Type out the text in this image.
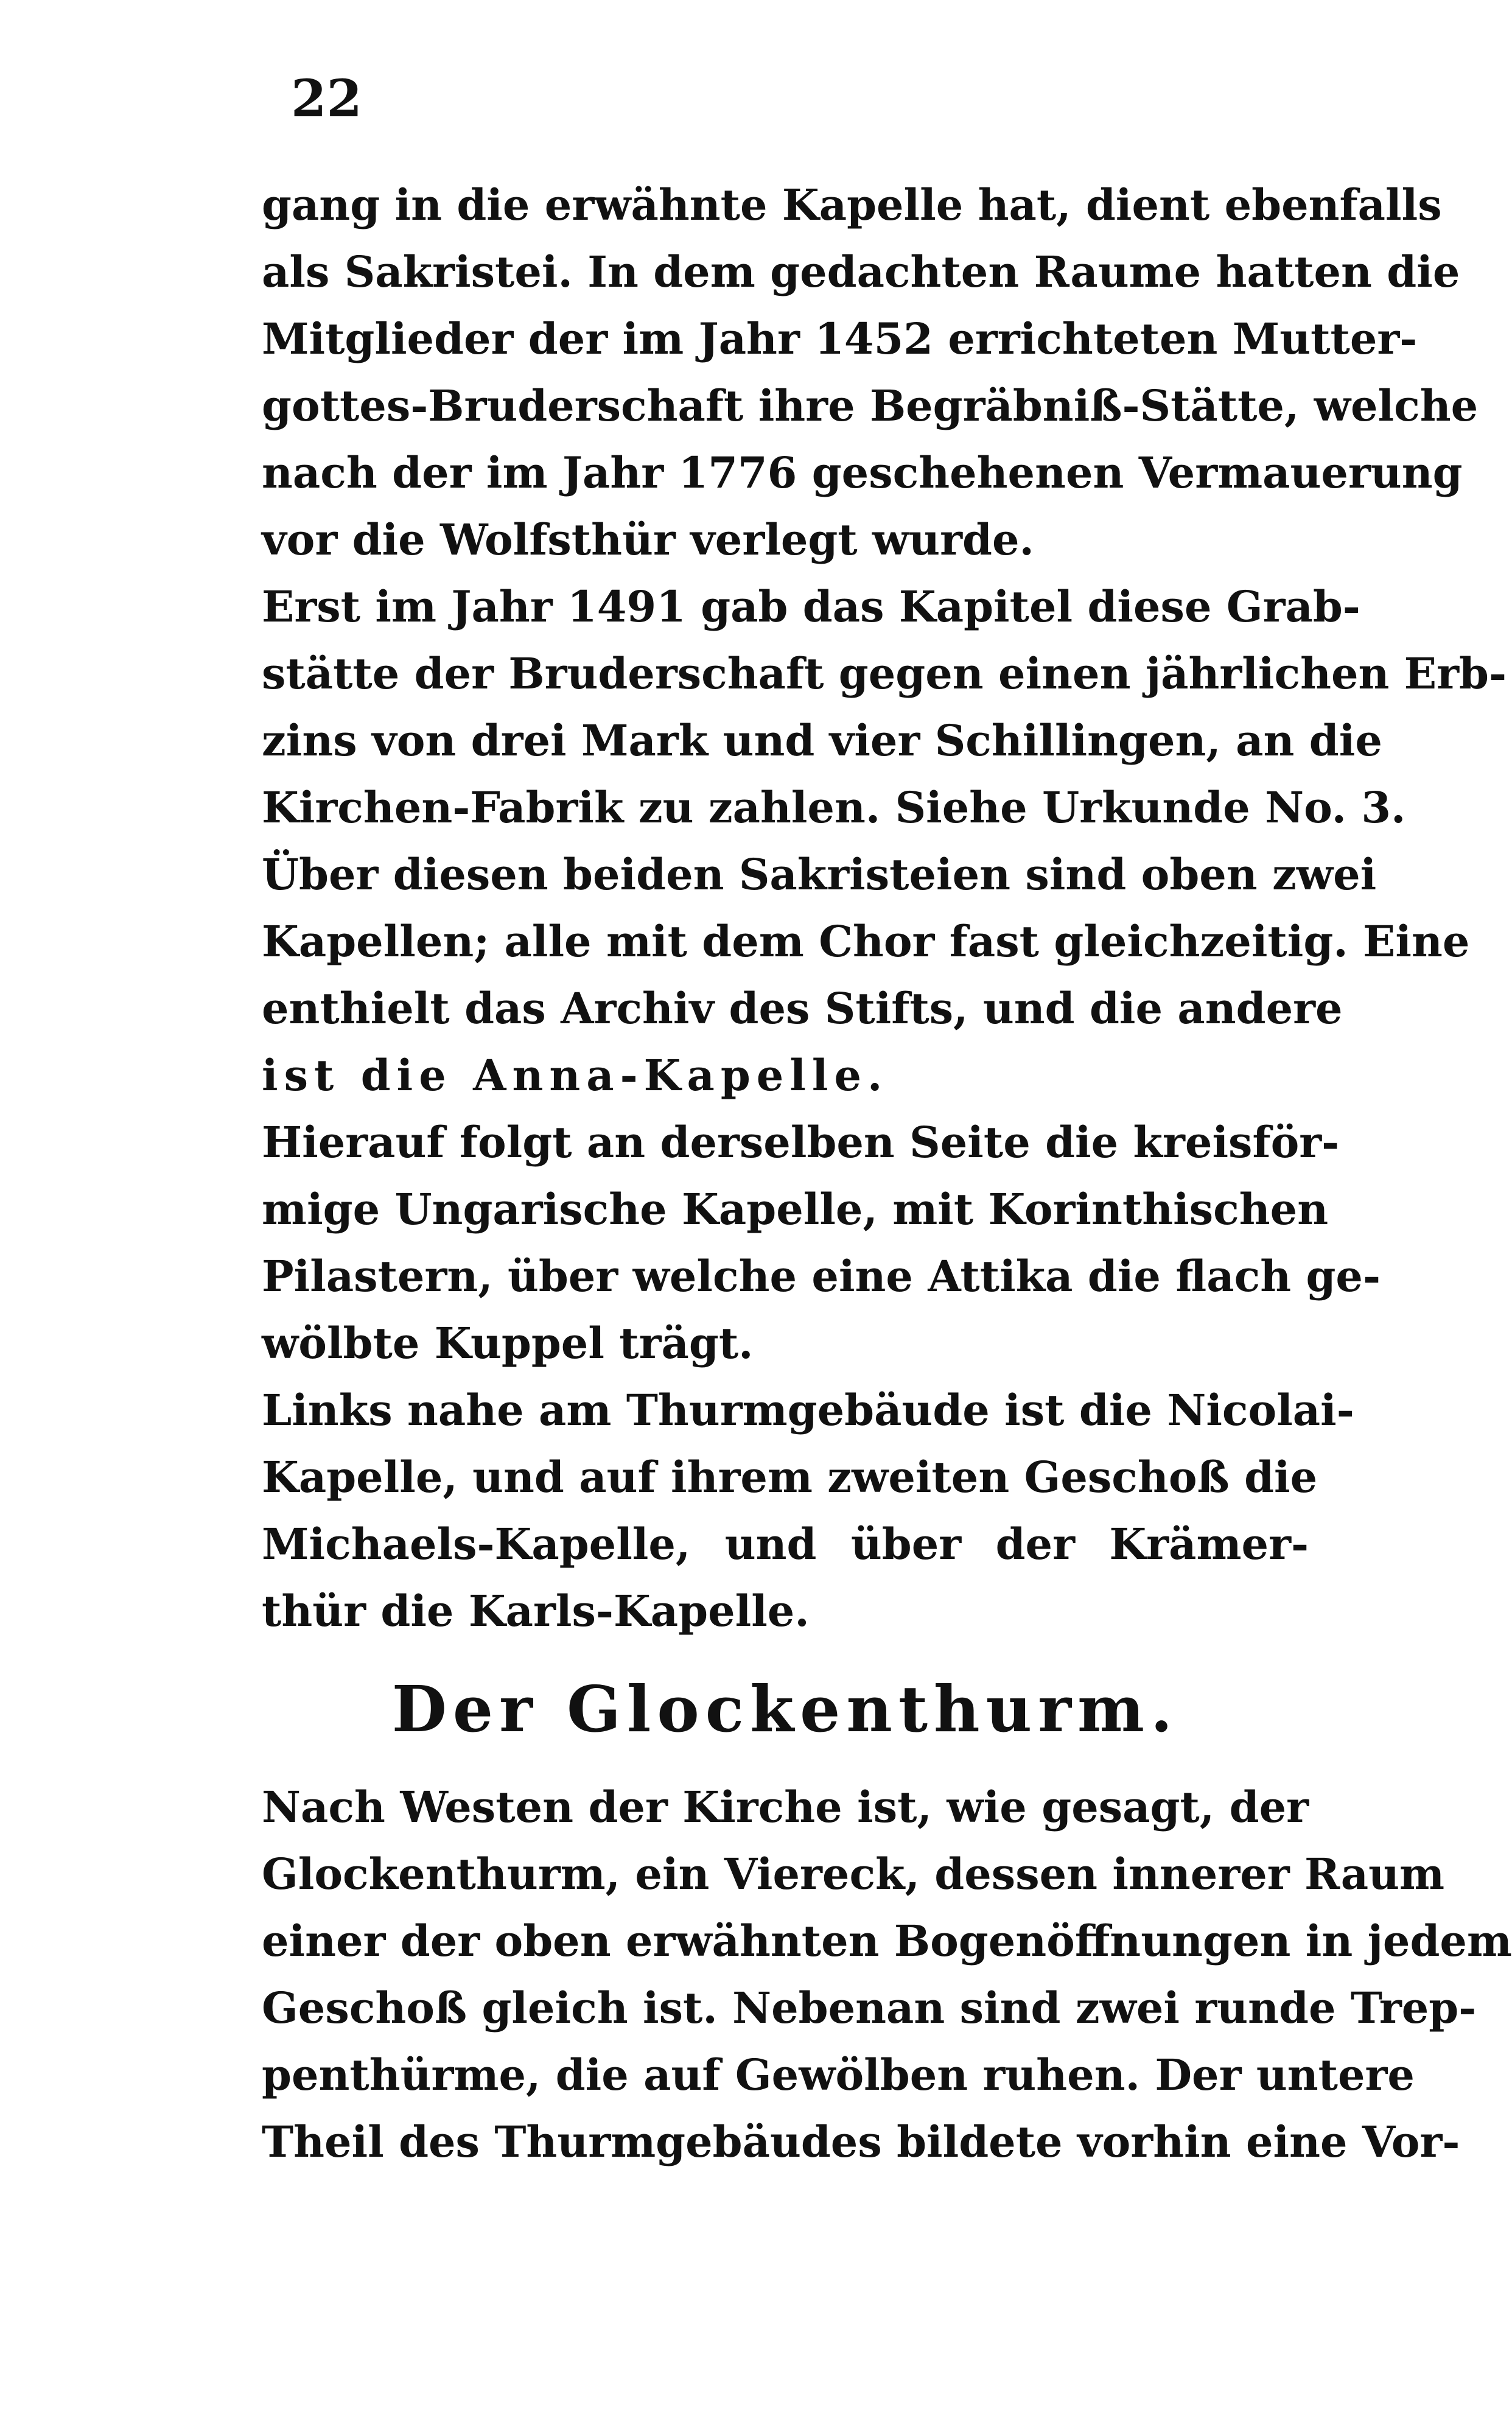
22
gang in die erwähnte Kapelle hat, dient ebenfalls
als Sakristei. In dem gedachten Raume hatten die
Mitglieder der im Jahr 1452 errichteten Mutter-
gottes-Bruderschaft ihre Begräbniß-Stätte, welche
nach der im Jahr 1776 geschehenen Vermauerung
vor die Wolfsthür verlegt wurde.
Erst im Jahr 1491 gab das Kapitel diese Grab-
stätte der Bruderschaft gegen einen jährlichen Erb-
zins von drei Mark und vier Schillingen, an die
Kirchen-Fabrik zu zahlen. Siehe Urkunde No. 3.
Über diesen beiden Sakristeien sind oben zwei
Kapellen; alle mit dem Chor fast gleichzeitig. Eine
enthielt das Archiv des Stifts, und die andere
ist die Anna-Kapelle.
Hierauf folgt an derselben Seite die kreisför-
mige Ungarische Kapelle, mit Korinthischen
Pilastern, über welche eine Attika die flach ge-
wölbte Kuppel trägt.
Links nahe am Thurmgebäude ist die Nicolai-
Kapelle, und auf ihrem zweiten Geschoß die
Michaels-Kapelle, und über der Krämer-
thür die Karls-Kapelle.
Der Glockenthurm.
Nach Westen der Kirche ist, wie gesagt, der
Glockenthurm, ein Viereck, dessen innerer Raum
einer der oben erwähnten Bogenöffnungen in jedem
Geschoß gleich ist. Nebenan sind zwei runde Trep-
penthürme, die auf Gewölben ruhen. Der untere
Theil des Thurmgebäudes bildete vorhin eine Vor-
